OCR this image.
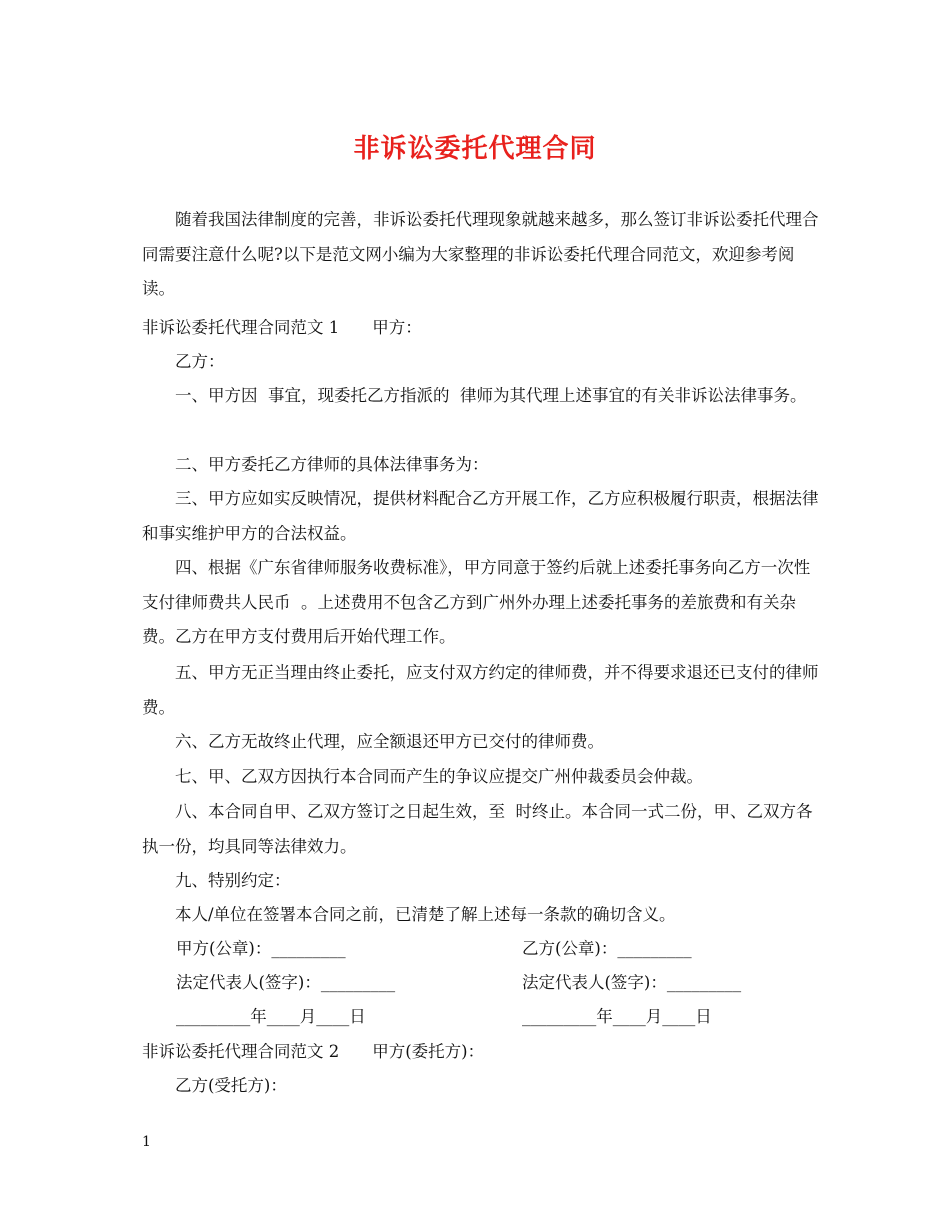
非诉讼委托代理合同
随着我国法律制度的完善，非诉讼委托代理现象就越来越多，那么签订非诉讼委托代理合同需要注意什么呢?以下是范文网小编为大家整理的非诉讼委托代理合同范文，欢迎参考阅读。
非诉讼委托代理合同范文 1　　甲方：
乙方：
一、甲方因  事宜，现委托乙方指派的  律师为其代理上述事宜的有关非诉讼法律事务。
二、甲方委托乙方律师的具体法律事务为：
三、甲方应如实反映情况，提供材料配合乙方开展工作，乙方应积极履行职责，根据法律和事实维护甲方的合法权益。
四、根据《广东省律师服务收费标准》，甲方同意于签约后就上述委托事务向乙方一次性支付律师费共人民币  。上述费用不包含乙方到广州外办理上述委托事务的差旅费和有关杂费。乙方在甲方支付费用后开始代理工作。
五、甲方无正当理由终止委托，应支付双方约定的律师费，并不得要求退还已支付的律师费。
六、乙方无故终止代理，应全额退还甲方已交付的律师费。
七、甲、乙双方因执行本合同而产生的争议应提交广州仲裁委员会仲裁。
八、本合同自甲、乙双方签订之日起生效，至  时终止。本合同一式二份，甲、乙双方各执一份，均具同等法律效力。
九、特别约定：
本人/单位在签署本合同之前，已清楚了解上述每一条款的确切含义。
甲方(公章)：_________	乙方(公章)：_________
法定代表人(签字)：_________	法定代表人(签字)：_________
_________年____月____日	_________年____月____日
非诉讼委托代理合同范文 2　　甲方(委托方)：
乙方(受托方)：
1
